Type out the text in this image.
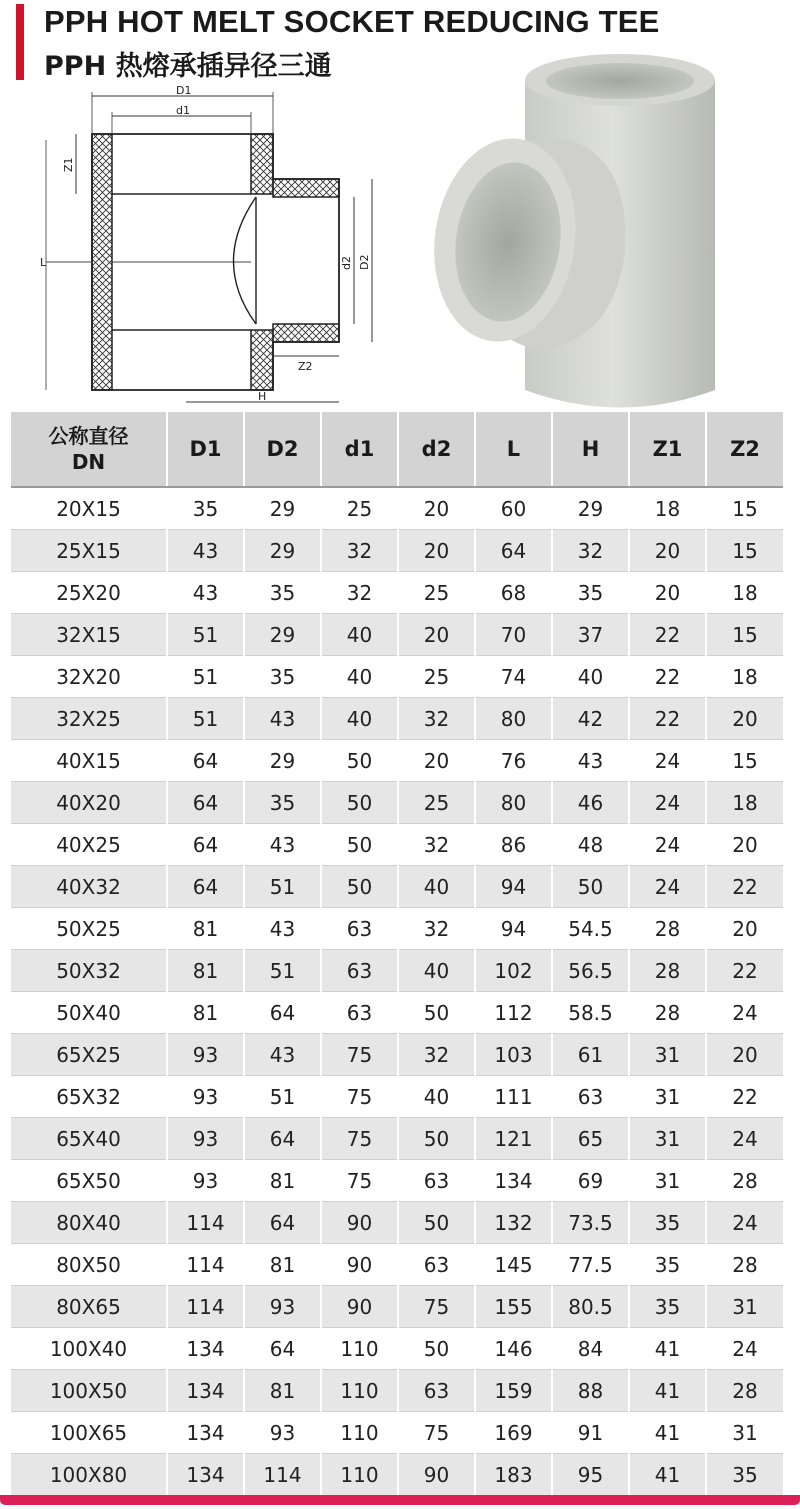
PPH HOT MELT SOCKET REDUCING TEE
PPH 热熔承插异径三通
D1
d1
Z1
d2 D2
Z2
H
L
公称直径
DN	D1	D2	d1	d2	L	H	Z1	Z2
20X15	35	29	25	20	60	29	18	15
25X15	43	29	32	20	64	32	20	15
25X20	43	35	32	25	68	35	20	18
32X15	51	29	40	20	70	37	22	15
32X20	51	35	40	25	74	40	22	18
32X25	51	43	40	32	80	42	22	20
40X15	64	29	50	20	76	43	24	15
40X20	64	35	50	25	80	46	24	18
40X25	64	43	50	32	86	48	24	20
40X32	64	51	50	40	94	50	24	22
50X25	81	43	63	32	94	54.5	28	20
50X32	81	51	63	40	102	56.5	28	22
50X40	81	64	63	50	112	58.5	28	24
65X25	93	43	75	32	103	61	31	20
65X32	93	51	75	40	111	63	31	22
65X40	93	64	75	50	121	65	31	24
65X50	93	81	75	63	134	69	31	28
80X40	114	64	90	50	132	73.5	35	24
80X50	114	81	90	63	145	77.5	35	28
80X65	114	93	90	75	155	80.5	35	31
100X40	134	64	110	50	146	84	41	24
100X50	134	81	110	63	159	88	41	28
100X65	134	93	110	75	169	91	41	31
100X80	134	114	110	90	183	95	41	35
